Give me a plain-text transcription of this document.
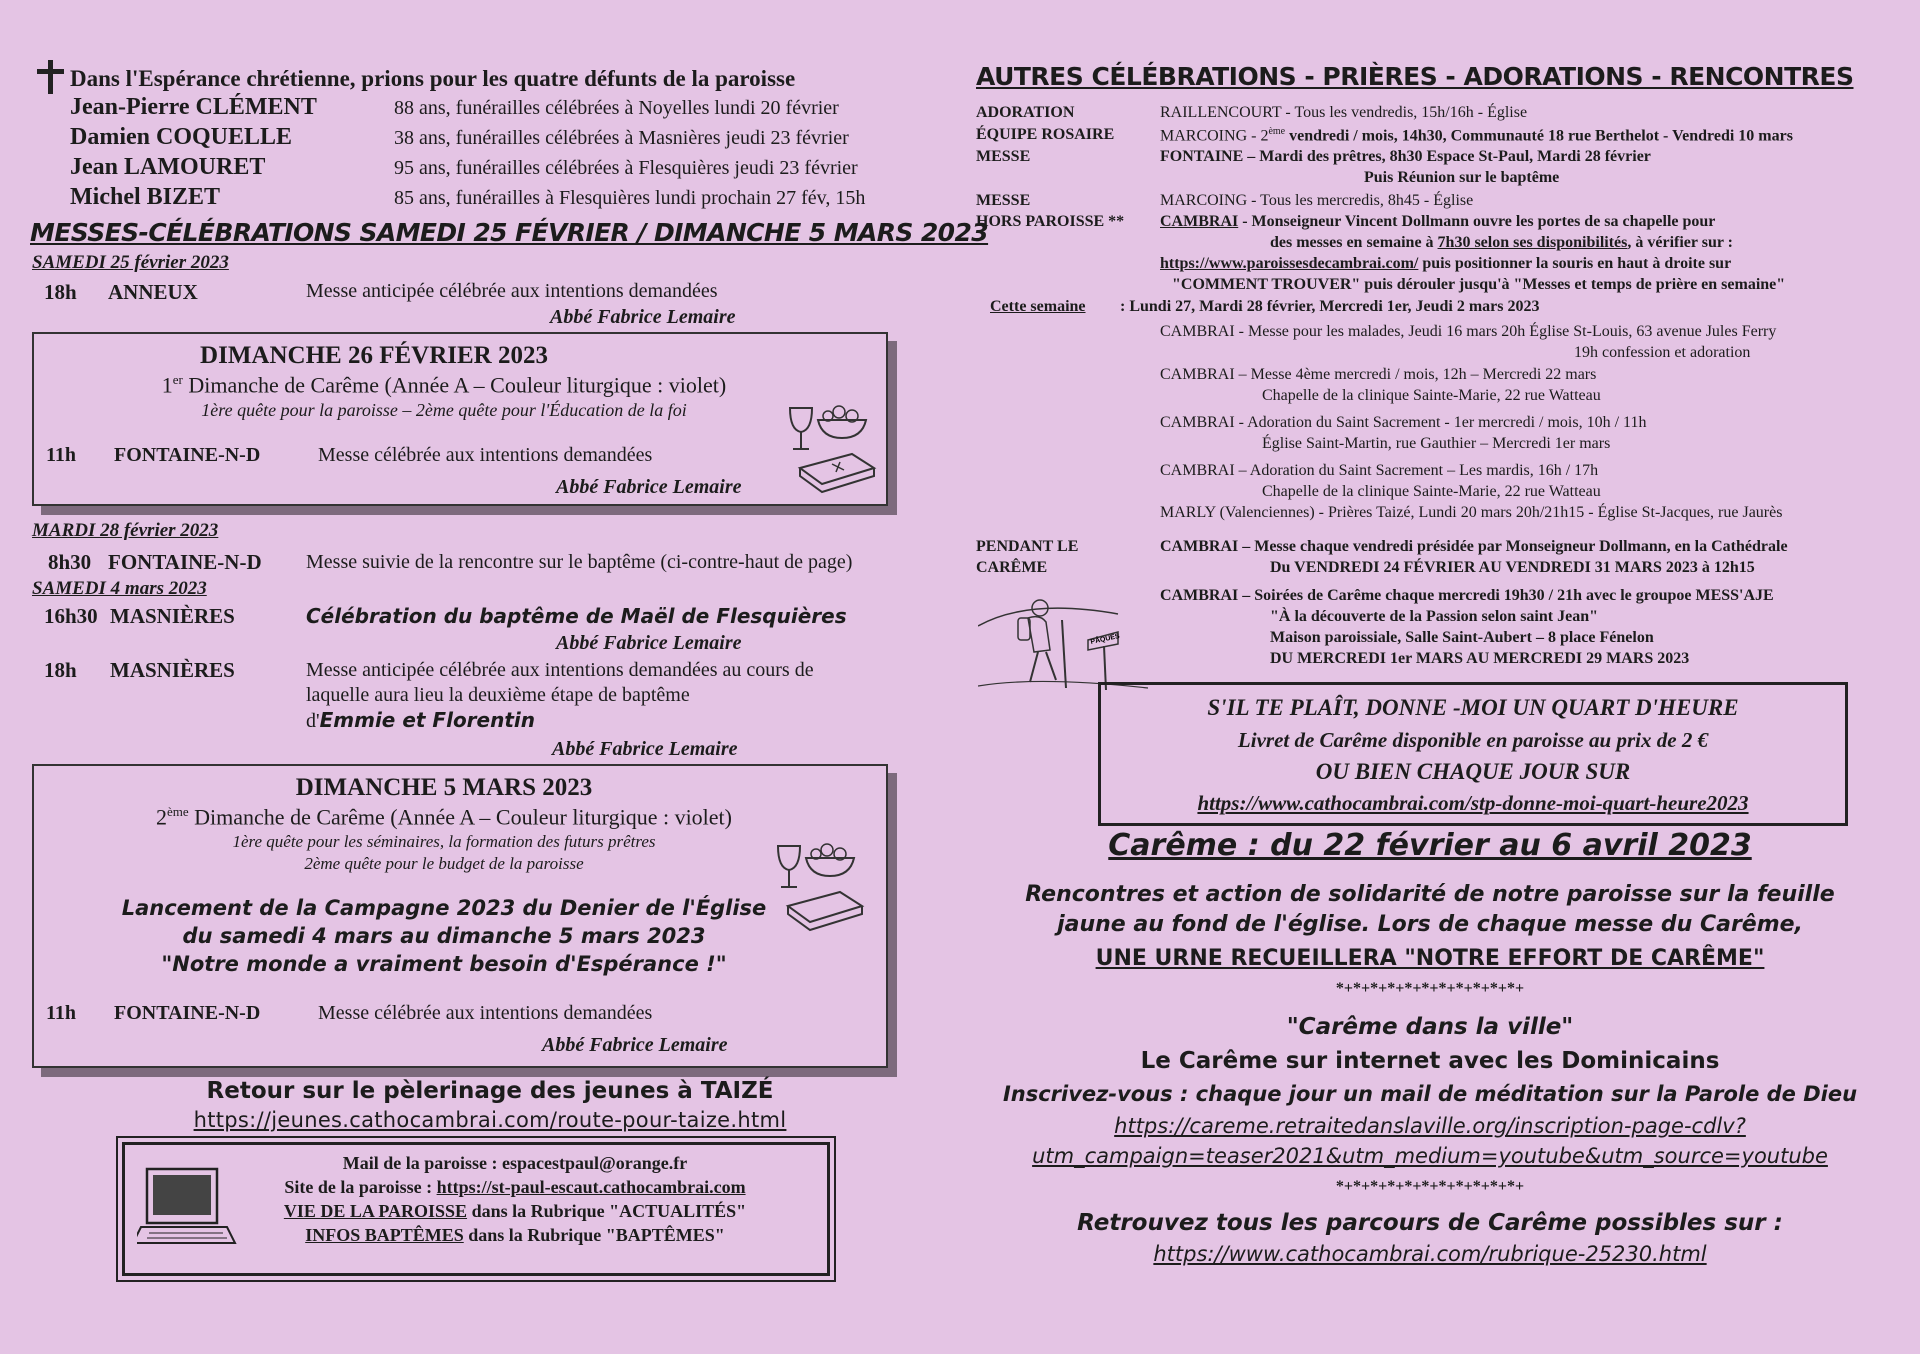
Dans l'Espérance chrétienne, prions pour les quatre défunts de la paroisse
Jean-Pierre CLÉMENT	88 ans, funérailles célébrées à Noyelles lundi 20 février
Damien COQUELLE	38 ans, funérailles célébrées à Masnières jeudi 23 février
Jean LAMOURET	95 ans, funérailles célébrées à Flesquières jeudi 23 février
Michel BIZET	85 ans, funérailles à Flesquières lundi prochain 27 fév, 15h
MESSES-CÉLÉBRATIONS SAMEDI 25 FÉVRIER / DIMANCHE 5 MARS 2023
SAMEDI 25 février 2023
18h ANNEUX	Messe anticipée célébrée aux intentions demandées
Abbé Fabrice Lemaire
DIMANCHE 26 FÉVRIER 2023
1er Dimanche de Carême (Année A – Couleur liturgique : violet)
1ère quête pour la paroisse – 2ème quête pour l'Éducation de la foi
11h FONTAINE-N-D	Messe célébrée aux intentions demandées
Abbé Fabrice Lemaire
MARDI 28 février 2023
8h30 FONTAINE-N-D Messe suivie de la rencontre sur le baptême (ci-contre-haut de page)
SAMEDI 4 mars 2023
16h30 MASNIÈRES	Célébration du baptême de Maël de Flesquières
Abbé Fabrice Lemaire
18h MASNIÈRES	Messe anticipée célébrée aux intentions demandées au cours de
laquelle aura lieu la deuxième étape de baptême
d'Emmie et Florentin
Abbé Fabrice Lemaire
DIMANCHE 5 MARS 2023
2ème Dimanche de Carême (Année A – Couleur liturgique : violet)
1ère quête pour les séminaires, la formation des futurs prêtres
2ème quête pour le budget de la paroisse
Lancement de la Campagne 2023 du Denier de l'Église
du samedi 4 mars au dimanche 5 mars 2023
"Notre monde a vraiment besoin d'Espérance !"
11h FONTAINE-N-D	Messe célébrée aux intentions demandées
Abbé Fabrice Lemaire
Retour sur le pèlerinage des jeunes à TAIZÉ
https://jeunes.cathocambrai.com/route-pour-taize.html
Mail de la paroisse : espacestpaul@orange.fr
Site de la paroisse : https://st-paul-escaut.cathocambrai.com
VIE DE LA PAROISSE dans la Rubrique "ACTUALITÉS"
INFOS BAPTÊMES dans la Rubrique "BAPTÊMES"
AUTRES CÉLÉBRATIONS - PRIÈRES - ADORATIONS - RENCONTRES
ADORATION	RAILLENCOURT - Tous les vendredis, 15h/16h - Église
ÉQUIPE ROSAIRE	MARCOING - 2ème vendredi / mois, 14h30, Communauté 18 rue Berthelot - Vendredi 10 mars
MESSE	FONTAINE – Mardi des prêtres, 8h30 Espace St-Paul, Mardi 28 février
Puis Réunion sur le baptême
MESSE	MARCOING - Tous les mercredis, 8h45 - Église
HORS PAROISSE ** CAMBRAI - Monseigneur Vincent Dollmann ouvre les portes de sa chapelle pour
des messes en semaine à 7h30 selon ses disponibilités, à vérifier sur :
https://www.paroissesdecambrai.com/ puis positionner la souris en haut à droite sur
"COMMENT TROUVER" puis dérouler jusqu'à "Messes et temps de prière en semaine"
Cette semaine : Lundi 27, Mardi 28 février, Mercredi 1er, Jeudi 2 mars 2023
CAMBRAI - Messe pour les malades, Jeudi 16 mars 20h Église St-Louis, 63 avenue Jules Ferry
19h confession et adoration
CAMBRAI – Messe 4ème mercredi / mois, 12h – Mercredi 22 mars
Chapelle de la clinique Sainte-Marie, 22 rue Watteau
CAMBRAI - Adoration du Saint Sacrement - 1er mercredi / mois, 10h / 11h
Église Saint-Martin, rue Gauthier – Mercredi 1er mars
CAMBRAI – Adoration du Saint Sacrement – Les mardis, 16h / 17h
Chapelle de la clinique Sainte-Marie, 22 rue Watteau
MARLY (Valenciennes) - Prières Taizé, Lundi 20 mars 20h/21h15 - Église St-Jacques, rue Jaurès
PENDANT LE
CARÊME
CAMBRAI – Messe chaque vendredi présidée par Monseigneur Dollmann, en la Cathédrale
Du VENDREDI 24 FÉVRIER AU VENDREDI 31 MARS 2023 à 12h15
CAMBRAI – Soirées de Carême chaque mercredi 19h30 / 21h avec le groupoe MESS'AJE
"À la découverte de la Passion selon saint Jean"
Maison paroissiale, Salle Saint-Aubert – 8 place Fénelon
DU MERCREDI 1er MARS AU MERCREDI 29 MARS 2023
PÂQUES
S'IL TE PLAÎT, DONNE -MOI UN QUART D'HEURE
Livret de Carême disponible en paroisse au prix de 2 €
OU BIEN CHAQUE JOUR SUR
https://www.cathocambrai.com/stp-donne-moi-quart-heure2023
Carême : du 22 février au 6 avril 2023
Rencontres et action de solidarité de notre paroisse sur la feuille
jaune au fond de l'église. Lors de chaque messe du Carême,
UNE URNE RECUEILLERA "NOTRE EFFORT DE CARÊME"
*+*+*+*+*+*+*+*+*+*+*+
"Carême dans la ville"
Le Carême sur internet avec les Dominicains
Inscrivez-vous : chaque jour un mail de méditation sur la Parole de Dieu
https://careme.retraitedanslaville.org/inscription-page-cdlv?
utm_campaign=teaser2021&utm_medium=youtube&utm_source=youtube
*+*+*+*+*+*+*+*+*+*+*+
Retrouvez tous les parcours de Carême possibles sur :
https://www.cathocambrai.com/rubrique-25230.html
